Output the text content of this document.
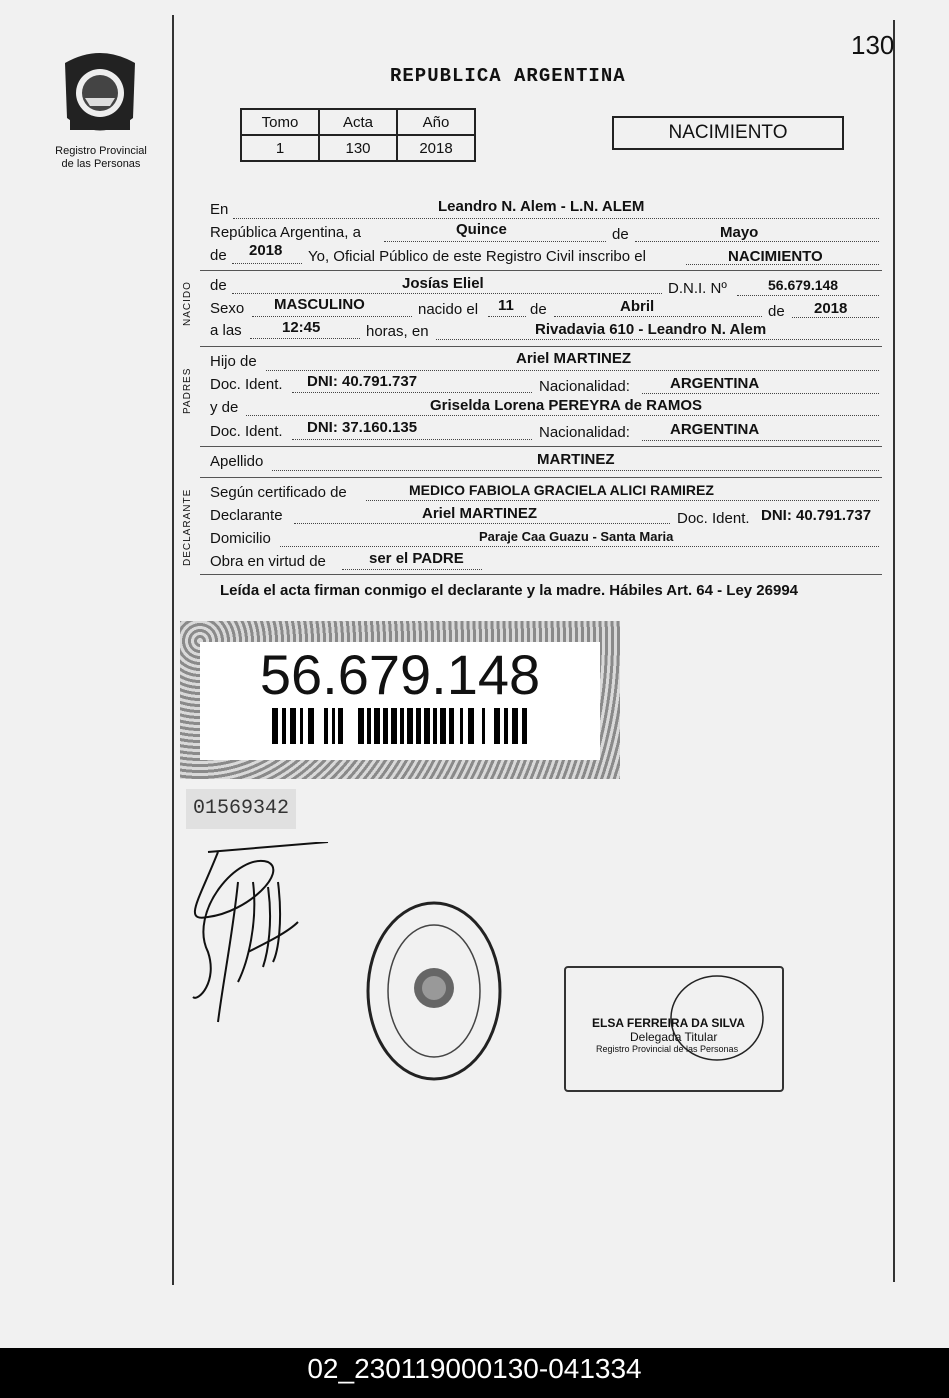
130
REPUBLICA ARGENTINA
Registro Provincial
de las Personas
Tomo	Acta	Año
1	130	2018
NACIMIENTO
En	Leandro N. Alem - L.N. ALEM
República Argentina, a	Quince	de	Mayo
de 2018 Yo, Oficial Público de este Registro Civil inscribo el	NACIMIENTO
NACIDO de	Josías Eliel	D.N.I. Nº	56.679.148
Sexo MASCULINO	nacido el 11 de	Abril	de 2018
a las	12:45	horas, en	Rivadavia 610 - Leandro N. Alem
PADRES
Hijo de	Ariel MARTINEZ
Doc. Ident. DNI: 40.791.737	Nacionalidad:	ARGENTINA
y de	Griselda Lorena PEREYRA de RAMOS
Doc. Ident. DNI: 37.160.135	Nacionalidad:	ARGENTINA
Apellido	MARTINEZ
DECLARANTE Según certificado de	MEDICO FABIOLA GRACIELA ALICI RAMIREZ
Declarante	Ariel MARTINEZ	Doc. Ident. DNI: 40.791.737
Domicilio	Paraje Caa Guazu - Santa Maria
Obra en virtud de	ser el PADRE
Leída el acta firman conmigo el declarante y la madre. Hábiles Art. 64 - Ley 26994
56.679.148
01569342
ELSA FERREIRA DA SILVA
Delegada Titular
Registro Provincial de las Personas
02_230119000130-041334
